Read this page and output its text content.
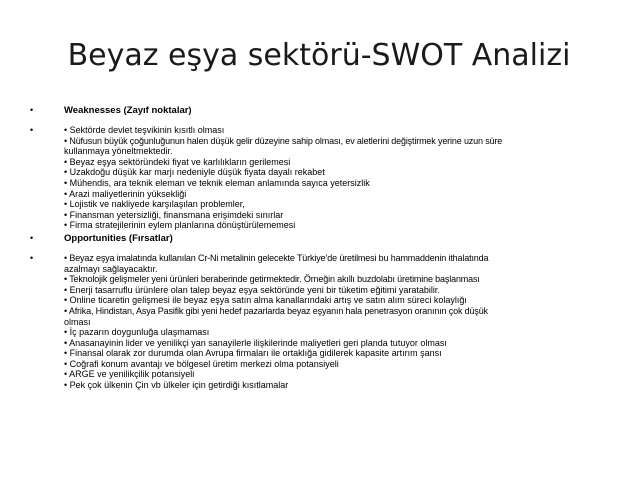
Beyaz eşya sektörü-SWOT Analizi
•	Weaknesses (Zayıf noktalar)
•	• Sektörde devlet teşvikinin kısıtlı olması
• Nüfusun büyük çoğunluğunun halen düşük gelir düzeyine sahip olması, ev aletlerini değiştirmek yerine uzun süre
kullanmaya yöneltmektedir.
• Beyaz eşya sektöründeki fiyat ve karlılıkların gerilemesi
• Uzakdoğu düşük kar marjı nedeniyle düşük fiyata dayalı rekabet
• Mühendis, ara teknik eleman ve teknik eleman anlamında sayıca yetersizlik
• Arazi maliyetlerinin yüksekliği
• Lojistik ve nakliyede karşılaşılan problemler,
• Finansman yetersizliği, finansmana erişimdeki sınırlar
• Firma stratejilerinin eylem planlarına dönüştürülememesi
•	Opportunities (Fırsatlar)
•	• Beyaz eşya imalatında kullanılan Cr-Ni metalinin gelecekte Türkiye’de üretilmesi bu hammaddenin ithalatında
azalmayı sağlayacaktır.
• Teknolojik gelişmeler yeni ürünleri beraberinde getirmektedir. Örneğin akıllı buzdolabı üretimine başlanması
• Enerji tasarruflu ürünlere olan talep beyaz eşya sektöründe yeni bir tüketim eğitimi yaratabilir.
• Online ticaretin gelişmesi ile beyaz eşya satın alma kanallarındaki artış ve satın alım süreci kolaylığı
• Afrika, Hindistan, Asya Pasifik gibi yeni hedef pazarlarda beyaz eşyanın hala penetrasyon oranının çok düşük
olması
• İç pazarın doygunluğa ulaşmaması
• Anasanayinin lider ve yenilikçi yan sanayilerle ilişkilerinde maliyetleri geri planda tutuyor olması
• Finansal olarak zor durumda olan Avrupa firmaları ile ortaklığa gidilerek kapasite artırım şansı
• Coğrafi konum avantajı ve bölgesel üretim merkezi olma potansiyeli
• ARGE ve yenilikçilik potansiyeli
• Pek çok ülkenin Çin vb ülkeler için getirdiği kısıtlamalar
